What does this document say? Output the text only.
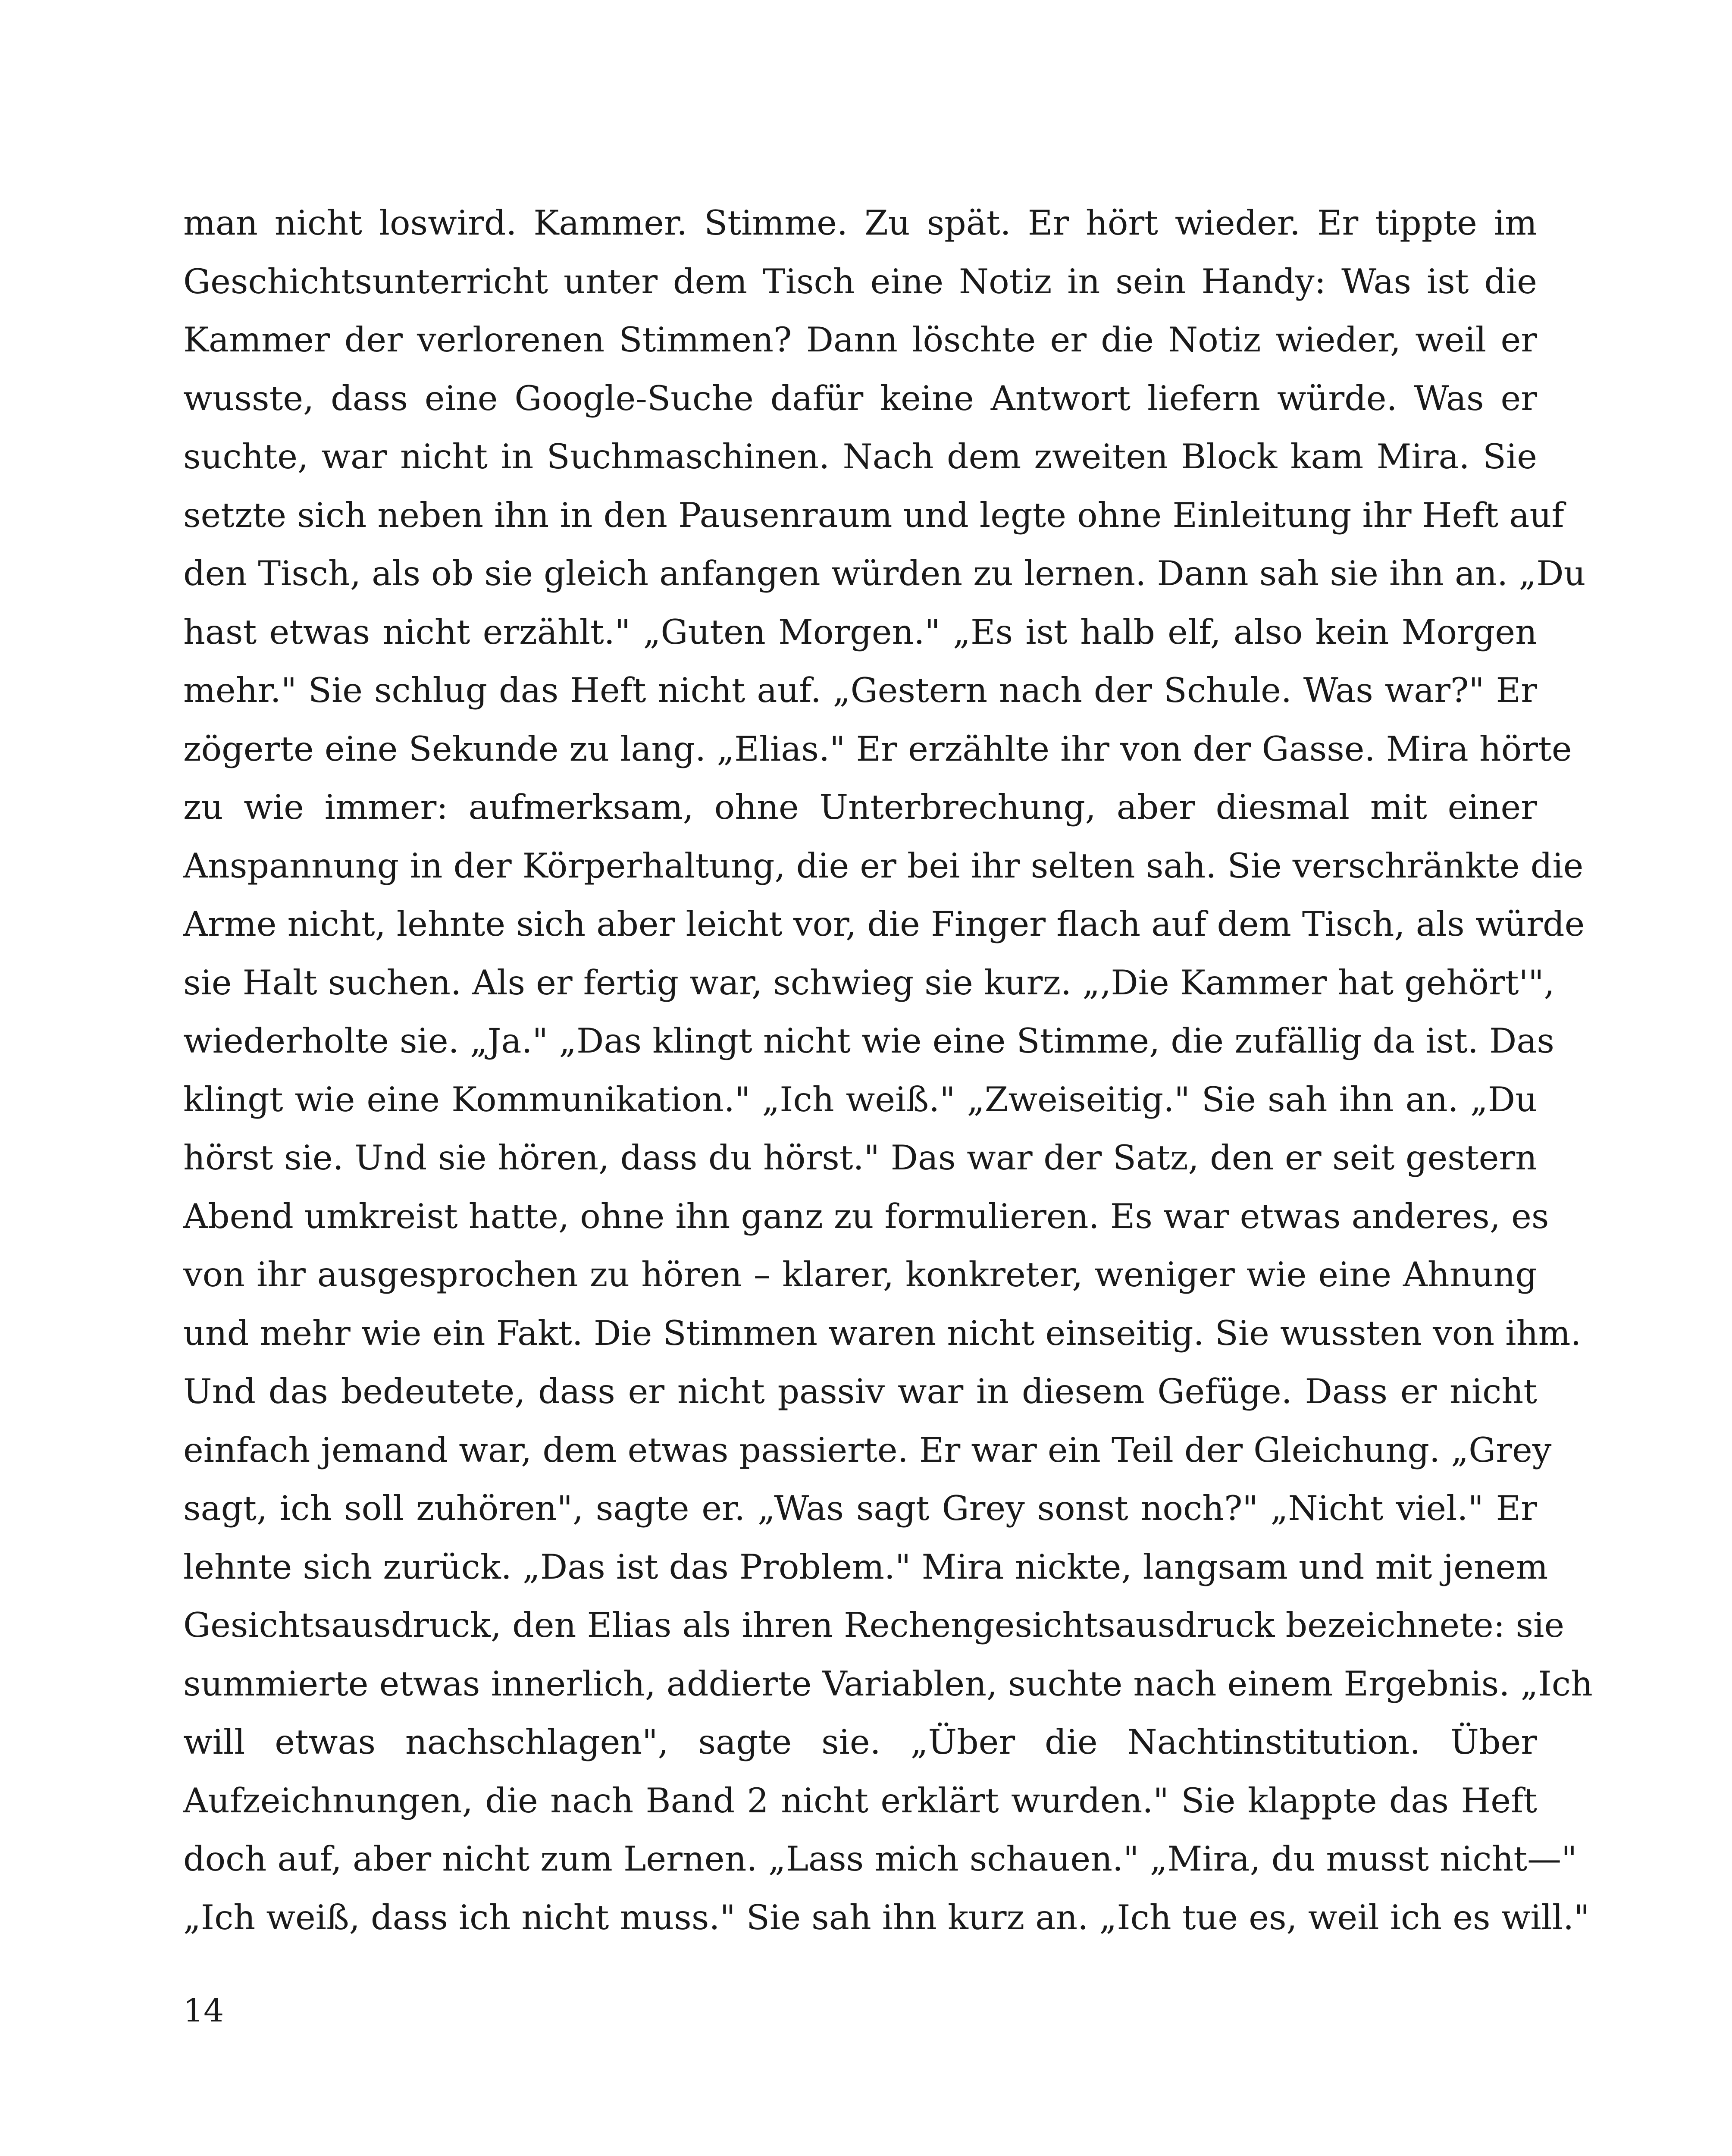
man nicht loswird. Kammer. Stimme. Zu spät. Er hört wieder. Er tippte im
Geschichtsunterricht unter dem Tisch eine Notiz in sein Handy: Was ist die
Kammer der verlorenen Stimmen? Dann löschte er die Notiz wieder, weil er
wusste, dass eine Google-Suche dafür keine Antwort liefern würde. Was er
suchte, war nicht in Suchmaschinen. Nach dem zweiten Block kam Mira. Sie
setzte sich neben ihn in den Pausenraum und legte ohne Einleitung ihr Heft auf
den Tisch, als ob sie gleich anfangen würden zu lernen. Dann sah sie ihn an. „Du
hast etwas nicht erzählt." „Guten Morgen." „Es ist halb elf, also kein Morgen
mehr." Sie schlug das Heft nicht auf. „Gestern nach der Schule. Was war?" Er
zögerte eine Sekunde zu lang. „Elias." Er erzählte ihr von der Gasse. Mira hörte
zu wie immer: aufmerksam, ohne Unterbrechung, aber diesmal mit einer
Anspannung in der Körperhaltung, die er bei ihr selten sah. Sie verschränkte die
Arme nicht, lehnte sich aber leicht vor, die Finger flach auf dem Tisch, als würde
sie Halt suchen. Als er fertig war, schwieg sie kurz. „‚Die Kammer hat gehört'",
wiederholte sie. „Ja." „Das klingt nicht wie eine Stimme, die zufällig da ist. Das
klingt wie eine Kommunikation." „Ich weiß." „Zweiseitig." Sie sah ihn an. „Du
hörst sie. Und sie hören, dass du hörst." Das war der Satz, den er seit gestern
Abend umkreist hatte, ohne ihn ganz zu formulieren. Es war etwas anderes, es
von ihr ausgesprochen zu hören – klarer, konkreter, weniger wie eine Ahnung
und mehr wie ein Fakt. Die Stimmen waren nicht einseitig. Sie wussten von ihm.
Und das bedeutete, dass er nicht passiv war in diesem Gefüge. Dass er nicht
einfach jemand war, dem etwas passierte. Er war ein Teil der Gleichung. „Grey
sagt, ich soll zuhören", sagte er. „Was sagt Grey sonst noch?" „Nicht viel." Er
lehnte sich zurück. „Das ist das Problem." Mira nickte, langsam und mit jenem
Gesichtsausdruck, den Elias als ihren Rechengesichtsausdruck bezeichnete: sie
summierte etwas innerlich, addierte Variablen, suchte nach einem Ergebnis. „Ich
will etwas nachschlagen", sagte sie. „Über die Nachtinstitution. Über
Aufzeichnungen, die nach Band 2 nicht erklärt wurden." Sie klappte das Heft
doch auf, aber nicht zum Lernen. „Lass mich schauen." „Mira, du musst nicht—"
„Ich weiß, dass ich nicht muss." Sie sah ihn kurz an. „Ich tue es, weil ich es will."
14
